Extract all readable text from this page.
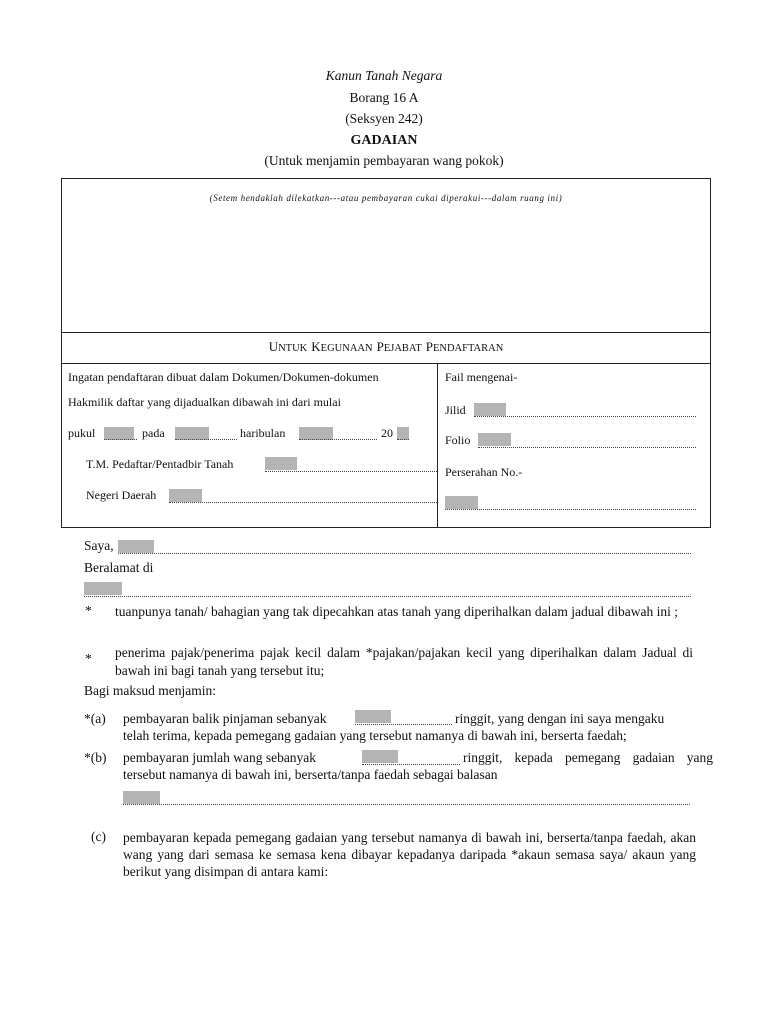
Kanun Tanah Negara
Borang 16 A
(Seksyen 242)
GADAIAN
(Untuk menjamin pembayaran wang pokok)
(Setem hendaklah dilekatkan---atau pembayaran cukai diperakui---dalam ruang ini)
UNTUK KEGUNAAN PEJABAT PENDAFTARAN
Ingatan pendaftaran dibuat dalam Dokumen/Dokumen-dokumen
Hakmilik daftar yang dijadualkan dibawah ini dari mulai
pukul	pada	haribulan	20
T.M. Pedaftar/Pentadbir Tanah
Negeri Daerah
Fail mengenai-
Jilid
Folio
Perserahan No.-
Saya,
Beralamat di
* tuanpunya tanah/ bahagian yang tak dipecahkan atas tanah yang diperihalkan dalam jadual dibawah ini ;
* penerima pajak/penerima pajak kecil dalam *pajakan/pajakan kecil yang diperihalkan dalam Jadual di bawah ini bagi tanah yang tersebut itu;
Bagi maksud menjamin:
*(a) pembayaran balik pinjaman sebanyak	ringgit, yang dengan ini saya mengaku
telah terima, kepada pemegang gadaian yang tersebut namanya di bawah ini, berserta faedah;
*(b) pembayaran jumlah wang sebanyak	ringgit, kepada pemegang gadaian yang
tersebut namanya di bawah ini, berserta/tanpa faedah sebagai balasan
(c) pembayaran kepada pemegang gadaian yang tersebut namanya di bawah ini, berserta/tanpa faedah, akan wang yang dari semasa ke semasa kena dibayar kepadanya daripada *akaun semasa saya/ akaun yang berikut yang disimpan di antara kami:
